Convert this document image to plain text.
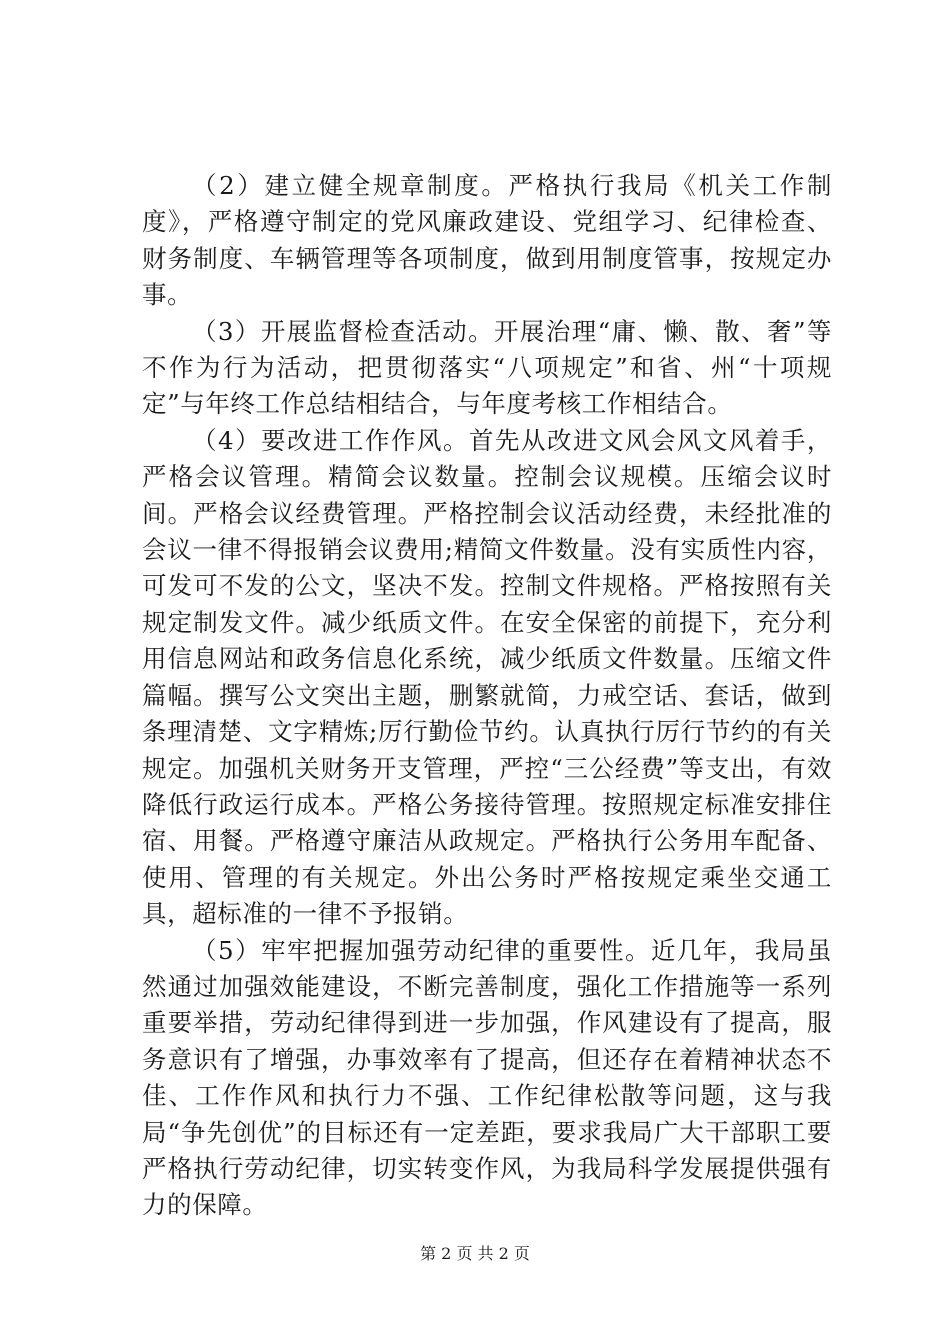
（2）建立健全规章制度。严格执行我局《机关工作制度》，严格遵守制定的党风廉政建设、党组学习、纪律检查、财务制度、车辆管理等各项制度，做到用制度管事，按规定办事。

（3）开展监督检查活动。开展治理“庸、懒、散、奢”等不作为行为活动，把贯彻落实“八项规定”和省、州“十项规定”与年终工作总结相结合，与年度考核工作相结合。

（4）要改进工作作风。首先从改进文风会风文风着手，严格会议管理。精简会议数量。控制会议规模。压缩会议时间。严格会议经费管理。严格控制会议活动经费，未经批准的会议一律不得报销会议费用;精简文件数量。没有实质性内容，可发可不发的公文，坚决不发。控制文件规格。严格按照有关规定制发文件。减少纸质文件。在安全保密的前提下，充分利用信息网站和政务信息化系统，减少纸质文件数量。压缩文件篇幅。撰写公文突出主题，删繁就简，力戒空话、套话，做到条理清楚、文字精炼;厉行勤俭节约。认真执行厉行节约的有关规定。加强机关财务开支管理，严控“三公经费”等支出，有效降低行政运行成本。严格公务接待管理。按照规定标准安排住宿、用餐。严格遵守廉洁从政规定。严格执行公务用车配备、使用、管理的有关规定。外出公务时严格按规定乘坐交通工具，超标准的一律不予报销。

（5）牢牢把握加强劳动纪律的重要性。近几年，我局虽然通过加强效能建设，不断完善制度，强化工作措施等一系列重要举措，劳动纪律得到进一步加强，作风建设有了提高，服务意识有了增强，办事效率有了提高，但还存在着精神状态不佳、工作作风和执行力不强、工作纪律松散等问题，这与我局“争先创优”的目标还有一定差距，要求我局广大干部职工要严格执行劳动纪律，切实转变作风，为我局科学发展提供强有力的保障。

第 2 页 共 2 页
